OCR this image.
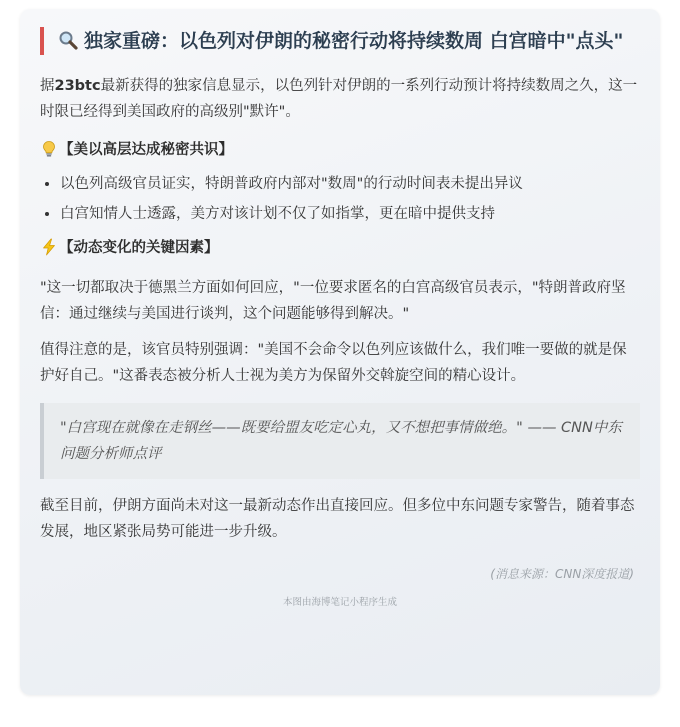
独家重磅：以色列对伊朗的秘密行动将持续数周 白宫暗中"点头"

据23btc最新获得的独家信息显示，以色列针对伊朗的一系列行动预计将持续数周之久，这一时限已经得到美国政府的高级别"默许"。

【美以高层达成秘密共识】
• 以色列高级官员证实，特朗普政府内部对"数周"的行动时间表未提出异议
• 白宫知情人士透露，美方对该计划不仅了如指掌，更在暗中提供支持
【动态变化的关键因素】

"这一切都取决于德黑兰方面如何回应，"一位要求匿名的白宫高级官员表示，"特朗普政府坚信：通过继续与美国进行谈判，这个问题能够得到解决。"

值得注意的是，该官员特别强调："美国不会命令以色列应该做什么，我们唯一要做的就是保护好自己。"这番表态被分析人士视为美方为保留外交斡旋空间的精心设计。

"白宫现在就像在走钢丝——既要给盟友吃定心丸，又不想把事情做绝。" —— CNN中东问题分析师点评

截至目前，伊朗方面尚未对这一最新动态作出直接回应。但多位中东问题专家警告，随着事态发展，地区紧张局势可能进一步升级。

(消息来源：CNN深度报道)
本图由海博笔记小程序生成
